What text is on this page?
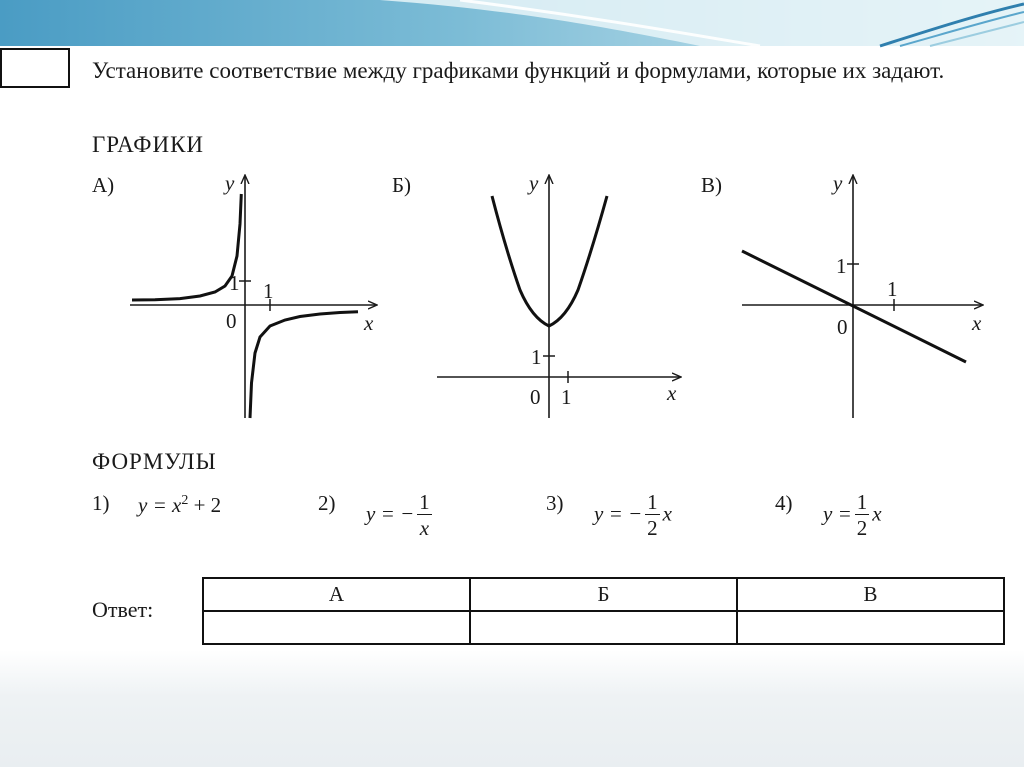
Установите соответствие между графиками функций и формулами, которые их задают.

ГРАФИКИ
А)	Б)	В)
y
x
0
1 1
y
x
0 1
1
y
x
0
1
1
ФОРМУЛЫ
1) $y = x^2 + 2$	2) y = − $\frac{1}{x}$	3) y = − $\frac{1}{2}$ x	4) $y = \frac{1}{2}$ x
Ответ:
А	Б	В
